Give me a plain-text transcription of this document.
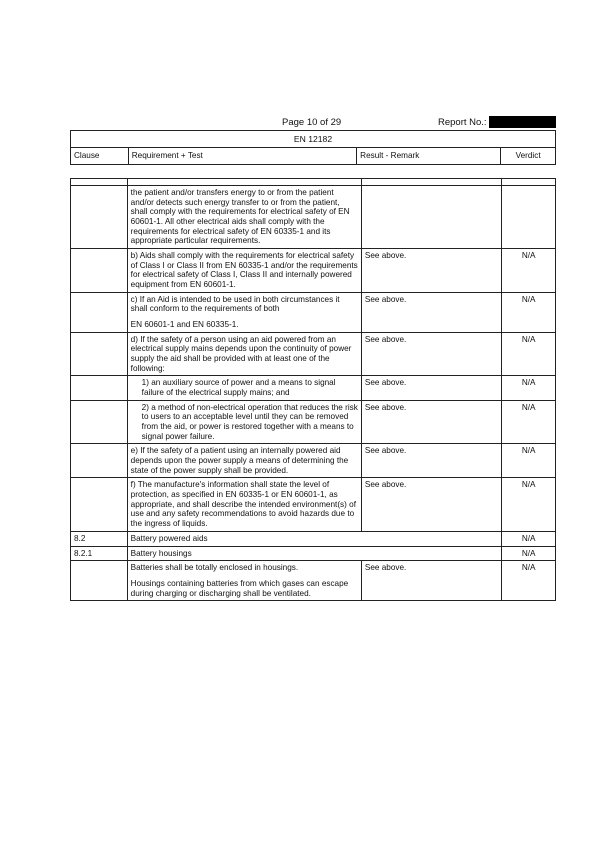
Page 10 of 29	Report No.:
EN 12182
Clause	Requirement + Test	Result - Remark	Verdict

	the patient and/or transfers energy to or from the patient and/or detects such energy transfer to or from the patient, shall comply with the requirements for electrical safety of EN 60601-1. All other electrical aids shall comply with the requirements for electrical safety of EN 60335-1 and its appropriate particular requirements.		
	b) Aids shall comply with the requirements for electrical safety of Class I or Class II from EN 60335-1 and/or the requirements for electrical safety of Class I, Class II and internally powered equipment from EN 60601-1.	See above.	N/A
	c) If an Aid is intended to be used in both circumstances it shall conform to the requirements of both
EN 60601-1 and EN 60335-1.	See above.	N/A
	d) If the safety of a person using an aid powered from an electrical supply mains depends upon the continuity of power supply the aid shall be provided with at least one of the following:	See above.	N/A
	1) an auxiliary source of power and a means to signal failure of the electrical supply mains; and	See above.	N/A
	2) a method of non-electrical operation that reduces the risk to users to an acceptable level until they can be removed from the aid, or power is restored together with a means to signal power failure.	See above.	N/A
	e) If the safety of a patient using an internally powered aid depends upon the power supply a means of determining the state of the power supply shall be provided.	See above.	N/A
	f) The manufacture's information shall state the level of protection, as specified in EN 60335-1 or EN 60601-1, as appropriate, and shall describe the intended environment(s) of use and any safety recommendations to avoid hazards due to the ingress of liquids.	See above.	N/A
8.2	Battery powered aids		N/A
8.2.1	Battery housings		N/A
	Batteries shall be totally enclosed in housings.
Housings containing batteries from which gases can escape during charging or discharging shall be ventilated.	See above.	N/A
